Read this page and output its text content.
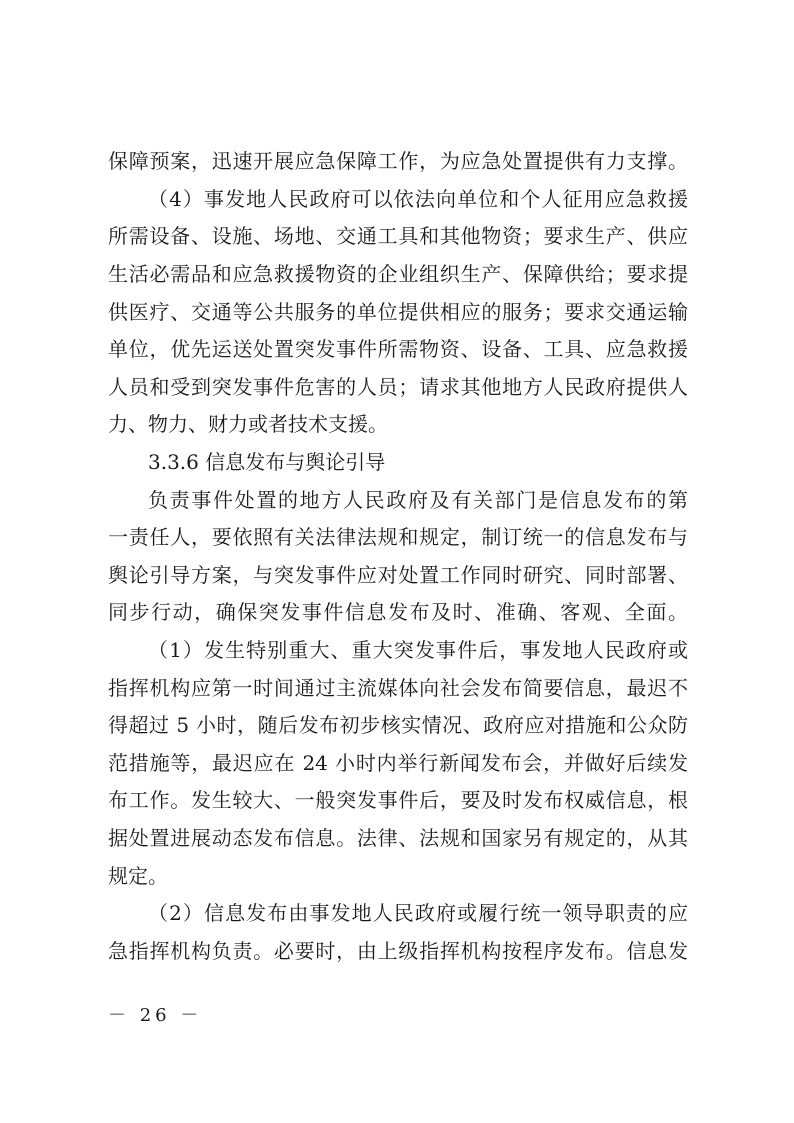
保障预案，迅速开展应急保障工作，为应急处置提供有力支撑。
（4）事发地人民政府可以依法向单位和个人征用应急救援
所需设备、设施、场地、交通工具和其他物资；要求生产、供应
生活必需品和应急救援物资的企业组织生产、保障供给；要求提
供医疗、交通等公共服务的单位提供相应的服务；要求交通运输
单位，优先运送处置突发事件所需物资、设备、工具、应急救援
人员和受到突发事件危害的人员；请求其他地方人民政府提供人
力、物力、财力或者技术支援。
3.3.6 信息发布与舆论引导
负责事件处置的地方人民政府及有关部门是信息发布的第
一责任人，要依照有关法律法规和规定，制订统一的信息发布与
舆论引导方案，与突发事件应对处置工作同时研究、同时部署、
同步行动，确保突发事件信息发布及时、准确、客观、全面。
（1）发生特别重大、重大突发事件后，事发地人民政府或
指挥机构应第一时间通过主流媒体向社会发布简要信息，最迟不
得超过 5 小时，随后发布初步核实情况、政府应对措施和公众防
范措施等，最迟应在 24 小时内举行新闻发布会，并做好后续发
布工作。发生较大、一般突发事件后，要及时发布权威信息，根
据处置进展动态发布信息。法律、法规和国家另有规定的，从其
规定。
（2）信息发布由事发地人民政府或履行统一领导职责的应
急指挥机构负责。必要时，由上级指挥机构按程序发布。信息发
－ 26 －
